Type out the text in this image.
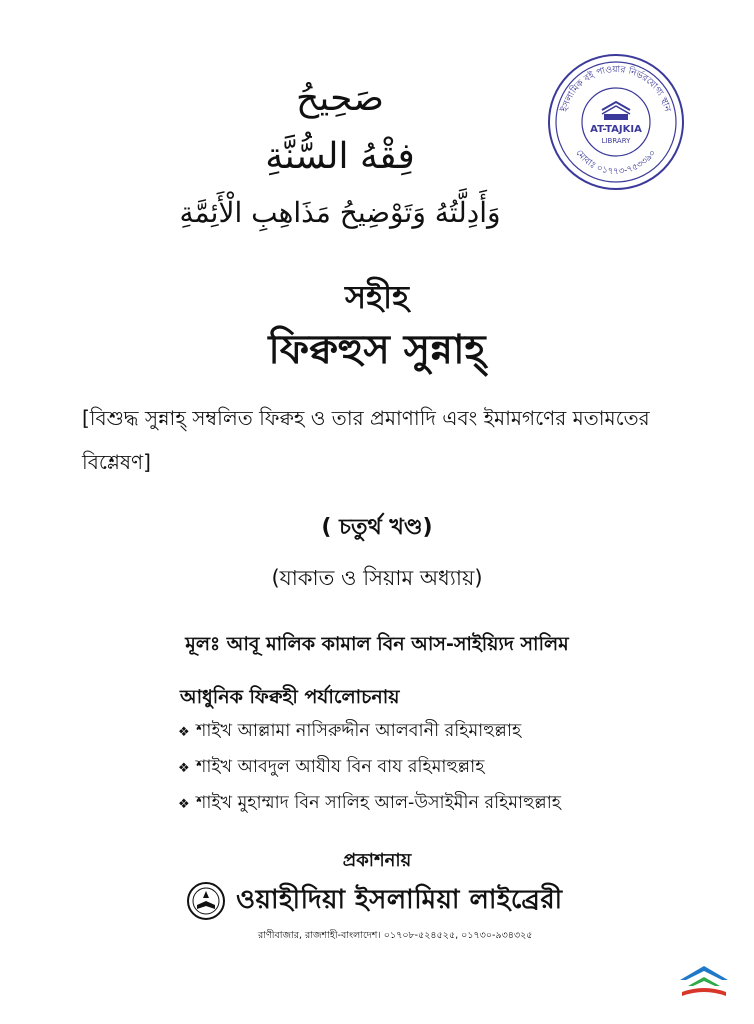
صَحِيحُ
فِقْهُ السُّنَّةِ
وَأَدِلَّتُهُ وَتَوْضِيحُ مَذَاهِبِ الْأَئِمَّةِ
ইসলামিক বই পাওয়ার নির্ভরযোগ্য স্থান
মোবাঃ ০১৭৭৩-৭৫৩৩৯০
AT-TAJKIA
LIBRARY
সহীহ
ফিক্বহুস সুন্নাহ্
[বিশুদ্ধ সুন্নাহ্ সম্বলিত ফিক্বহ ও তার প্রমাণাদি এবং ইমামগণের মতামতের বিশ্লেষণ]
( চতুর্থ খণ্ড)
(যাকাত ও সিয়াম অধ্যায়)
মূলঃ আবূ মালিক কামাল বিন আস-সাইয়্যিদ সালিম
আধুনিক ফিক্বহী পর্যালোচনায়
❖ শাইখ আল্লামা নাসিরুদ্দীন আলবানী রহিমাহুল্লাহ
❖ শাইখ আবদুল আযীয বিন বায রহিমাহুল্লাহ
❖ শাইখ মুহাম্মাদ বিন সালিহ আল-উসাইমীন রহিমাহুল্লাহ
প্রকাশনায়
ওয়াহীদিয়া ইসলামিয়া লাইব্রেরী
রাণীবাজার, রাজশাহী-বাংলাদেশ। ০১৭০৮-৫২৪৫২৫, ০১৭৩০-৯৩৪৩২৫
